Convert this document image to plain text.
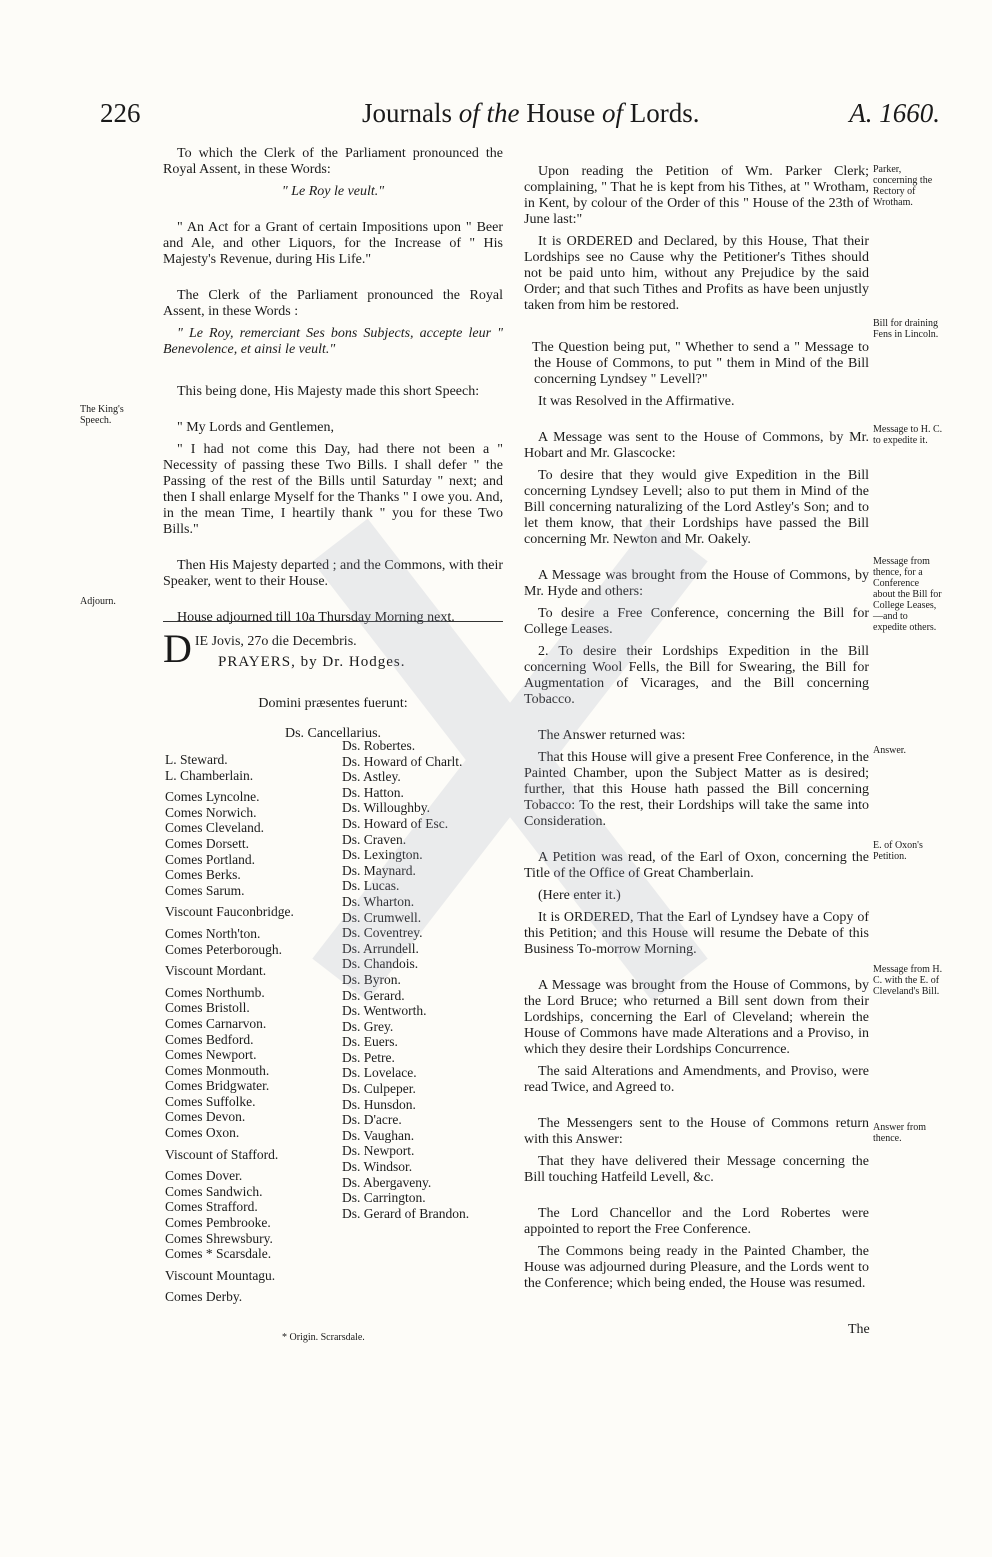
226	Journals of the House of Lords.	A. 1660.

To which the Clerk of the Parliament pronounced the Royal Assent, in these Words:

" Le Roy le veult."

" An Act for a Grant of certain Impositions upon " Beer and Ale, and other Liquors, for the Increase of " His Majesty's Revenue, during His Life."

The Clerk of the Parliament pronounced the Royal Assent, in these Words :

" Le Roy, remerciant Ses bons Subjects, accepte leur " Benevolence, et ainsi le veult."

This being done, His Majesty made this short Speech:

" My Lords and Gentlemen,

" I had not come this Day, had there not been a " Necessity of passing these Two Bills. I shall defer " the Passing of the rest of the Bills until Saturday " next; and then I shall enlarge Myself for the Thanks " I owe you. And, in the mean Time, I heartily thank " you for these Two Bills."

Then His Majesty departed ; and the Commons, with their Speaker, went to their House.

House adjourned till 10a Thursday Morning next.

The King's Speech.
Adjourn.
D IE Jovis, 27o die Decembris.
PRAYERS, by Dr. Hodges.
Domini præsentes fuerunt:
Ds. Cancellarius.
L. Steward.
L. Chamberlain.
Comes Lyncolne.
Comes Norwich.
Comes Cleveland.
Comes Dorsett.
Comes Portland.
Comes Berks.
Comes Sarum.
Viscount Fauconbridge.
Comes North'ton.
Comes Peterborough.
Viscount Mordant.
Comes Northumb.
Comes Bristoll.
Comes Carnarvon.
Comes Bedford.
Comes Newport.
Comes Monmouth.
Comes Bridgwater.
Comes Suffolke.
Comes Devon.
Comes Oxon.
Viscount of Stafford.
Comes Dover.
Comes Sandwich.
Comes Strafford.
Comes Pembrooke.
Comes Shrewsbury.
Comes * Scarsdale.
Viscount Mountagu.
Comes Derby.
Ds. Robertes.
Ds. Howard of Charlt.
Ds. Astley.
Ds. Hatton.
Ds. Willoughby.
Ds. Howard of Esc.
Ds. Craven.
Ds. Lexington.
Ds. Maynard.
Ds. Lucas.
Ds. Wharton.
Ds. Crumwell.
Ds. Coventrey.
Ds. Arrundell.
Ds. Chandois.
Ds. Byron.
Ds. Gerard.
Ds. Wentworth.
Ds. Grey.
Ds. Euers.
Ds. Petre.
Ds. Lovelace.
Ds. Culpeper.
Ds. Hunsdon.
Ds. D'acre.
Ds. Vaughan.
Ds. Newport.
Ds. Windsor.
Ds. Abergaveny.
Ds. Carrington.
Ds. Gerard of Brandon.
* Origin. Scrarsdale.

Upon reading the Petition of Wm. Parker Clerk; complaining, " That he is kept from his Tithes, at " Wrotham, in Kent, by colour of the Order of this " House of the 23th of June last:"

It is ORDERED and Declared, by this House, That their Lordships see no Cause why the Petitioner's Tithes should not be paid unto him, without any Prejudice by the said Order; and that such Tithes and Profits as have been unjustly taken from him be restored.

The Question being put, " Whether to send a " Message to the House of Commons, to put " them in Mind of the Bill concerning Lyndsey " Levell?"

It was Resolved in the Affirmative.

A Message was sent to the House of Commons, by Mr. Hobart and Mr. Glascocke:

To desire that they would give Expedition in the Bill concerning Lyndsey Levell; also to put them in Mind of the Bill concerning naturalizing of the Lord Astley's Son; and to let them know, that their Lordships have passed the Bill concerning Mr. Newton and Mr. Oakely.

A Message was brought from the House of Commons, by Mr. Hyde and others:

To desire a Free Conference, concerning the Bill for College Leases.

2. To desire their Lordships Expedition in the Bill concerning Wool Fells, the Bill for Swearing, the Bill for Augmentation of Vicarages, and the Bill concerning Tobacco.

The Answer returned was:

That this House will give a present Free Conference, in the Painted Chamber, upon the Subject Matter as is desired; further, that this House hath passed the Bill concerning Tobacco: To the rest, their Lordships will take the same into Consideration.

A Petition was read, of the Earl of Oxon, concerning the Title of the Office of Great Chamberlain.

(Here enter it.)

It is ORDERED, That the Earl of Lyndsey have a Copy of this Petition; and this House will resume the Debate of this Business To-morrow Morning.

A Message was brought from the House of Commons, by the Lord Bruce; who returned a Bill sent down from their Lordships, concerning the Earl of Cleveland; wherein the House of Commons have made Alterations and a Proviso, in which they desire their Lordships Concurrence.

The said Alterations and Amendments, and Proviso, were read Twice, and Agreed to.

The Messengers sent to the House of Commons return with this Answer:

That they have delivered their Message concerning the Bill touching Hatfeild Levell, &c.

The Lord Chancellor and the Lord Robertes were appointed to report the Free Conference.

The Commons being ready in the Painted Chamber, the House was adjourned during Pleasure, and the Lords went to the Conference; which being ended, the House was resumed.

The
Parker, concerning the Rectory of Wrotham.
Bill for draining Fens in Lincoln.
Message to H. C. to expedite it.
Message from thence, for a Conference about the Bill for College Leases,—and to expedite others.
Answer.
E. of Oxon's Petition.
Message from H. C. with the E. of Cleveland's Bill.
Answer from thence.
